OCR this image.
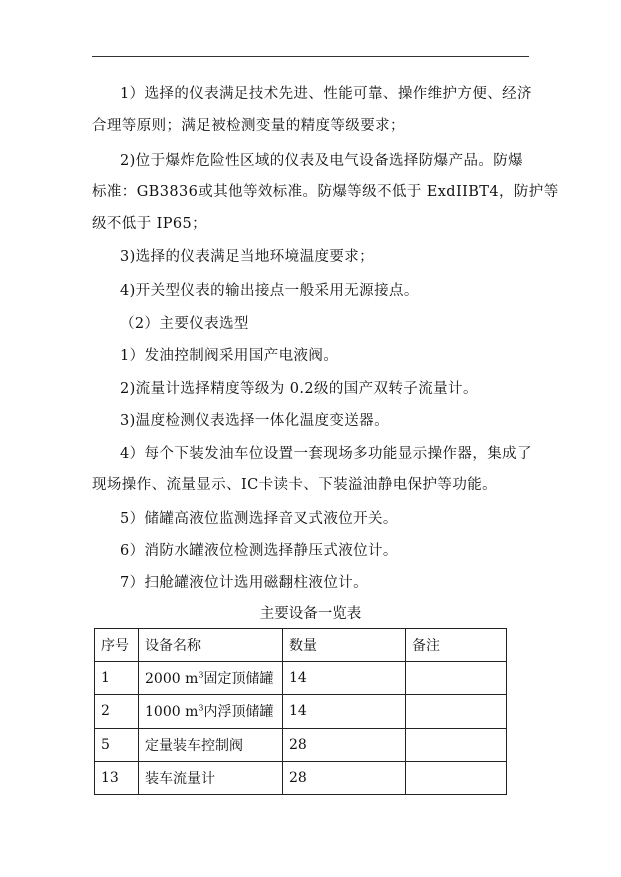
1）选择的仪表满足技术先进、性能可靠、操作维护方便、经济
合理等原则；满足被检测变量的精度等级要求；
2)位于爆炸危险性区域的仪表及电气设备选择防爆产品。防爆
标准：GB3836或其他等效标准。防爆等级不低于 ExdIIBT4，防护等
级不低于 IP65；
3)选择的仪表满足当地环境温度要求；
4)开关型仪表的输出接点一般采用无源接点。
（2）主要仪表选型
1）发油控制阀采用国产电液阀。
2)流量计选择精度等级为 0.2级的国产双转子流量计。
3)温度检测仪表选择一体化温度变送器。
4）每个下装发油车位设置一套现场多功能显示操作器，集成了
现场操作、流量显示、IC卡读卡、下装溢油静电保护等功能。
5）储罐高液位监测选择音叉式液位开关。
6）消防水罐液位检测选择静压式液位计。
7）扫舱罐液位计选用磁翻柱液位计。
主要设备一览表
序号	设备名称	数量	备注
1	2000 $m^3$固定顶储罐	14	
2	1000 $m^3$内浮顶储罐	14	
5	定量装车控制阀	28	
13	装车流量计	28	
